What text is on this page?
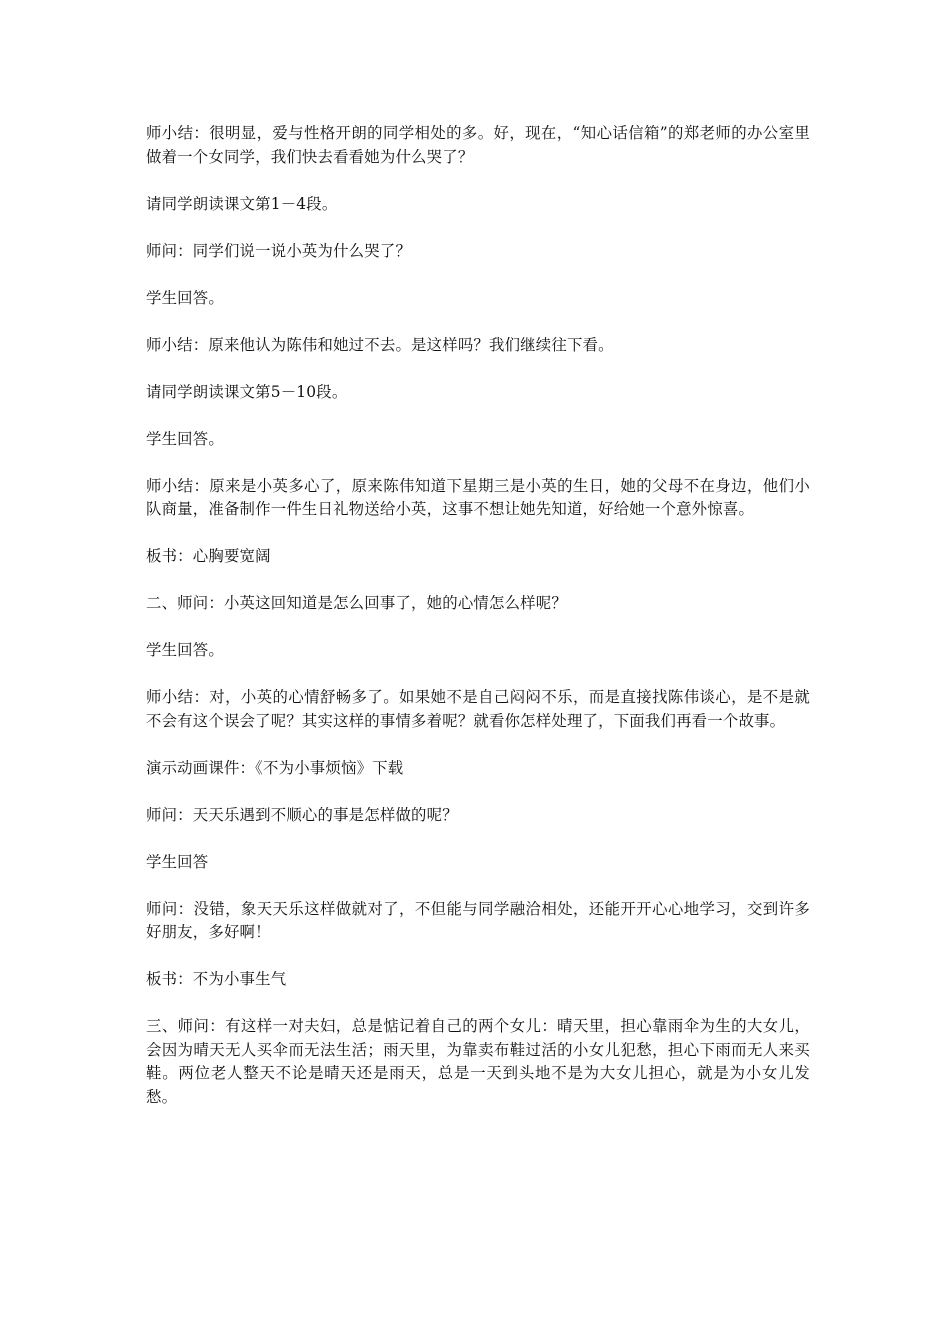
师小结：很明显，爱与性格开朗的同学相处的多。好，现在，“知心话信箱”的郑老师的办公室里做着一个女同学，我们快去看看她为什么哭了？

请同学朗读课文第1－4段。

师问：同学们说一说小英为什么哭了？

学生回答。

师小结：原来他认为陈伟和她过不去。是这样吗？我们继续往下看。

请同学朗读课文第5－10段。

学生回答。

师小结：原来是小英多心了，原来陈伟知道下星期三是小英的生日，她的父母不在身边，他们小队商量，准备制作一件生日礼物送给小英，这事不想让她先知道，好给她一个意外惊喜。

板书：心胸要宽阔

二、师问：小英这回知道是怎么回事了，她的心情怎么样呢？

学生回答。

师小结：对，小英的心情舒畅多了。如果她不是自己闷闷不乐，而是直接找陈伟谈心，是不是就不会有这个误会了呢？其实这样的事情多着呢？就看你怎样处理了，下面我们再看一个故事。

演示动画课件：《不为小事烦恼》下载

师问：天天乐遇到不顺心的事是怎样做的呢？

学生回答

师问：没错，象天天乐这样做就对了，不但能与同学融洽相处，还能开开心心地学习，交到许多好朋友，多好啊！

板书：不为小事生气

三、师问：有这样一对夫妇，总是惦记着自己的两个女儿：晴天里，担心靠雨伞为生的大女儿，会因为晴天无人买伞而无法生活；雨天里，为靠卖布鞋过活的小女儿犯愁，担心下雨而无人来买鞋。两位老人整天不论是晴天还是雨天，总是一天到头地不是为大女儿担心，就是为小女儿发愁。
